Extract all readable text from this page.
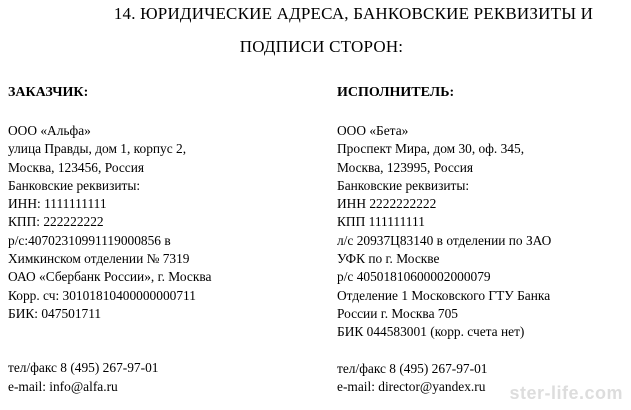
14. ЮРИДИЧЕСКИЕ АДРЕСА, БАНКОВСКИЕ РЕКВИЗИТЫ И
ПОДПИСИ СТОРОН:
ЗАКАЗЧИК:
ООО «Альфа»
улица Правды, дом 1, корпус 2,
Москва, 123456, Россия
Банковские реквизиты:
ИНН: 1111111111
КПП: 222222222
р/с:40702310991119000856 в
Химкинском отделении № 7319
ОАО «Сбербанк России», г. Москва
Корр. сч: 30101810400000000711
БИК: 047501711
тел/факс 8 (495) 267-97-01
e-mail: info@alfa.ru
ИСПОЛНИТЕЛЬ:
ООО «Бета»
Проспект Мира, дом 30, оф. 345,
Москва, 123995, Россия
Банковские реквизиты:
ИНН 2222222222
КПП 111111111
л/с 20937Ц83140 в отделении по ЗАО
УФК по г. Москве
р/с 40501810600002000079
Отделение 1 Московского ГТУ Банка
России г. Москва 705
БИК 044583001 (корр. счета нет)
тел/факс 8 (495) 267-97-01
e-mail: director@yandex.ru	ster-life.com
